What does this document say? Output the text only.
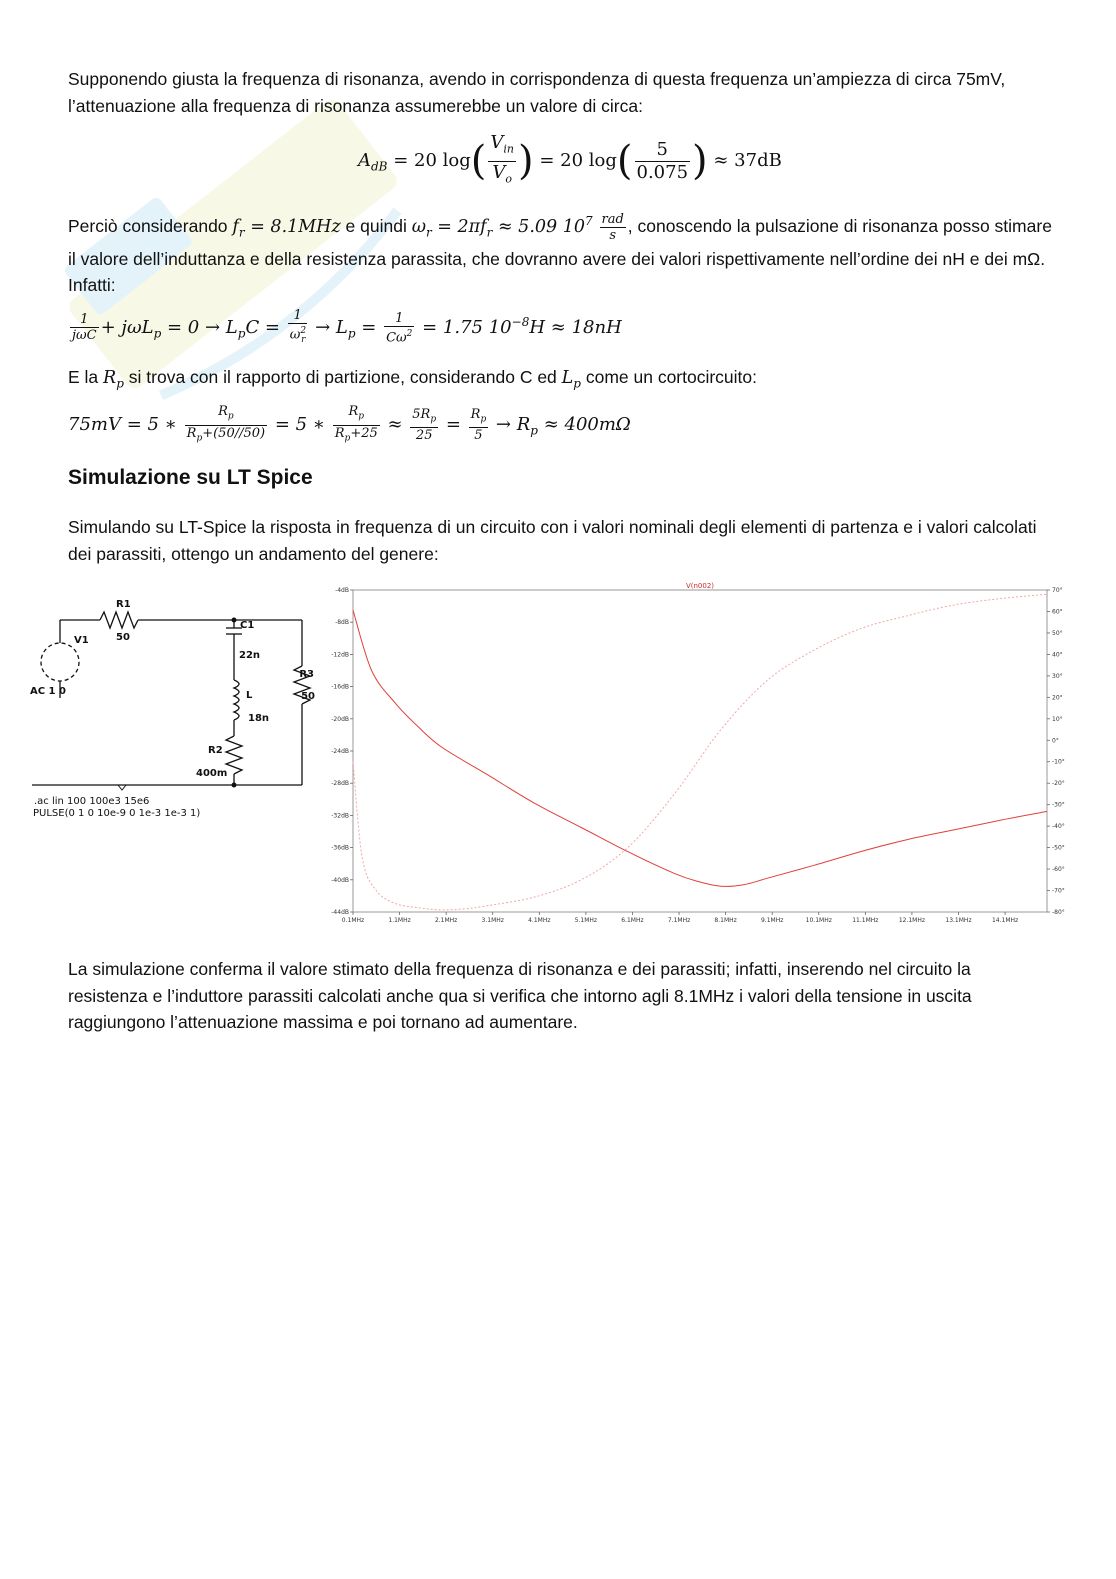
Supponendo giusta la frequenza di risonanza, avendo in corrispondenza di questa frequenza un’ampiezza di circa 75mV, l’attenuazione alla frequenza di risonanza assumerebbe un valore di circa:

$A_{dB} = 20$ $\log( \frac{V_{in}}{V_o}$ ) = 20 $\log( \frac{5}{0.075}$ ) ≈ 37dB

Perciò considerando $f_r = 8.1MHz$ e quindi $\omega_r = 2\pi f_r \approx 5.09$ $10^7 \frac{\text{rad}}{s}$ , conoscendo la pulsazione di risonanza posso stimare il valore dell’induttanza e della resistenza parassita, che dovranno avere dei valori rispettivamente nell’ordine dei nH e dei mΩ. Infatti:

$\frac{1}{\text{jωC}} + j\omega L_p = 0 \to L_pC = \frac{1}{\omega^2_r} \to L_p = \frac{1}{C\omega^2} = 1.75$ $10^{-8}H \approx 18nH$

E la $R_p$ si trova con il rapporto di partizione, considerando C ed $L_p$ come un cortocircuito:

75mV = 5 ∗ $\frac{R_p}{R_p+(50//50)} = 5$ ∗ $\frac{R_p}{R_p+25} \approx \frac{5R_p}{25} = \frac{R_p}{5} \to R_p \approx 400m\Omega$
Simulazione su LT Spice

Simulando su LT-Spice la risposta in frequenza di un circuito con i valori nominali degli elementi di partenza e i valori calcolati dei parassiti, ottengo un andamento del genere:

R1
50
V1
AC 1 0
C1
22n
L
18n
R2
400m
R3
50
.ac lin 100 100e3 15e6
PULSE(0 1 0 10e-9 0 1e-3 1e-3 1)
V(n002)
0.1MHz	1.1MHz	2.1MHz	3.1MHz	4.1MHz	5.1MHz	6.1MHz	7.1MHz	8.1MHz	9.1MHz	10.1MHz	11.1MHz	12.1MHz	13.1MHz	14.1MHz
-4dB
-8dB
-12dB
-16dB
-20dB
-24dB
-28dB
-32dB
-36dB
-40dB
-44dB
70°
60°
50°
40°
30°
20°
10°
0°
-10°
-20°
-30°
-40°
-50°
-60°
-70°
-80°

La simulazione conferma il valore stimato della frequenza di risonanza e dei parassiti; infatti, inserendo nel circuito la resistenza e l’induttore parassiti calcolati anche qua si verifica che intorno agli 8.1MHz i valori della tensione in uscita raggiungono l’attenuazione massima e poi tornano ad aumentare.
